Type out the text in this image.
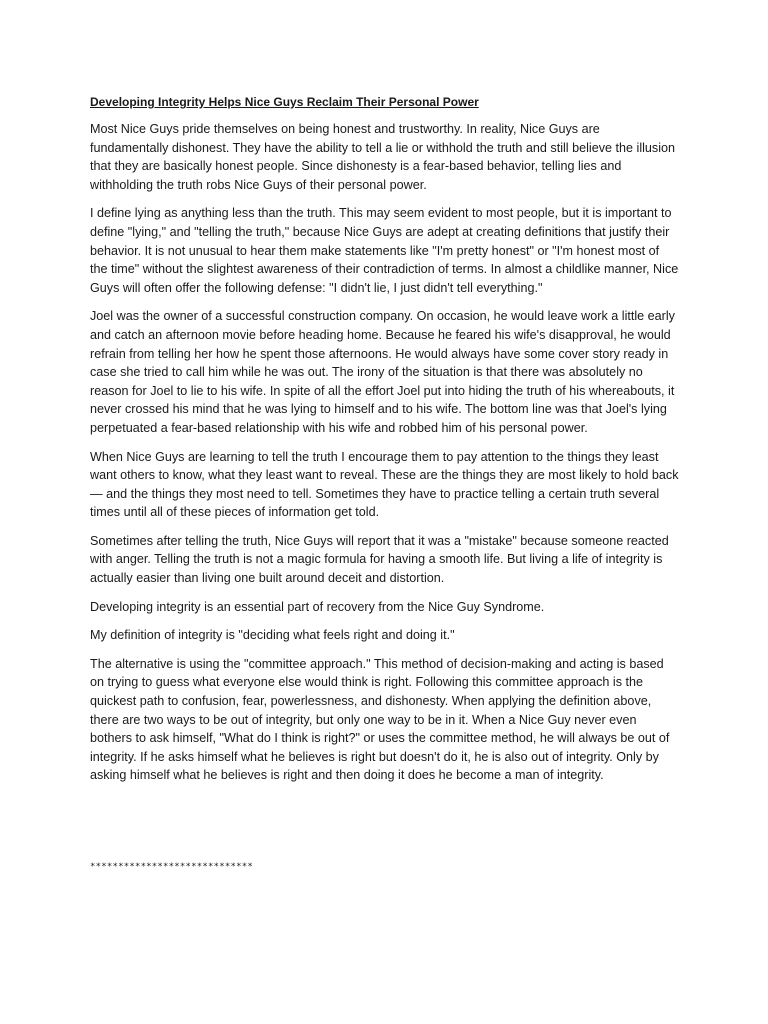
Developing Integrity Helps Nice Guys Reclaim Their Personal Power

Most Nice Guys pride themselves on being honest and trustworthy. In reality, Nice Guys are fundamentally dishonest. They have the ability to tell a lie or withhold the truth and still believe the illusion that they are basically honest people. Since dishonesty is a fear-based behavior, telling lies and withholding the truth robs Nice Guys of their personal power.

I define lying as anything less than the truth. This may seem evident to most people, but it is important to define "lying," and "telling the truth," because Nice Guys are adept at creating definitions that justify their behavior. It is not unusual to hear them make statements like "I'm pretty honest" or "I'm honest most of the time" without the slightest awareness of their contradiction of terms. In almost a childlike manner, Nice Guys will often offer the following defense: "I didn't lie, I just didn't tell everything."

Joel was the owner of a successful construction company. On occasion, he would leave work a little early and catch an afternoon movie before heading home. Because he feared his wife's disapproval, he would refrain from telling her how he spent those afternoons. He would always have some cover story ready in case she tried to call him while he was out. The irony of the situation is that there was absolutely no reason for Joel to lie to his wife. In spite of all the effort Joel put into hiding the truth of his whereabouts, it never crossed his mind that he was lying to himself and to his wife. The bottom line was that Joel's lying perpetuated a fear-based relationship with his wife and robbed him of his personal power.

When Nice Guys are learning to tell the truth I encourage them to pay attention to the things they least want others to know, what they least want to reveal. These are the things they are most likely to hold back — and the things they most need to tell. Sometimes they have to practice telling a certain truth several times until all of these pieces of information get told.

Sometimes after telling the truth, Nice Guys will report that it was a "mistake" because someone reacted with anger. Telling the truth is not a magic formula for having a smooth life. But living a life of integrity is actually easier than living one built around deceit and distortion.

Developing integrity is an essential part of recovery from the Nice Guy Syndrome.

My definition of integrity is "deciding what feels right and doing it."

The alternative is using the "committee approach." This method of decision-making and acting is based on trying to guess what everyone else would think is right. Following this committee approach is the quickest path to confusion, fear, powerlessness, and dishonesty. When applying the definition above, there are two ways to be out of integrity, but only one way to be in it. When a Nice Guy never even bothers to ask himself, "What do I think is right?" or uses the committee method, he will always be out of integrity. If he asks himself what he believes is right but doesn't do it, he is also out of integrity. Only by asking himself what he believes is right and then doing it does he become a man of integrity.

*****************************
